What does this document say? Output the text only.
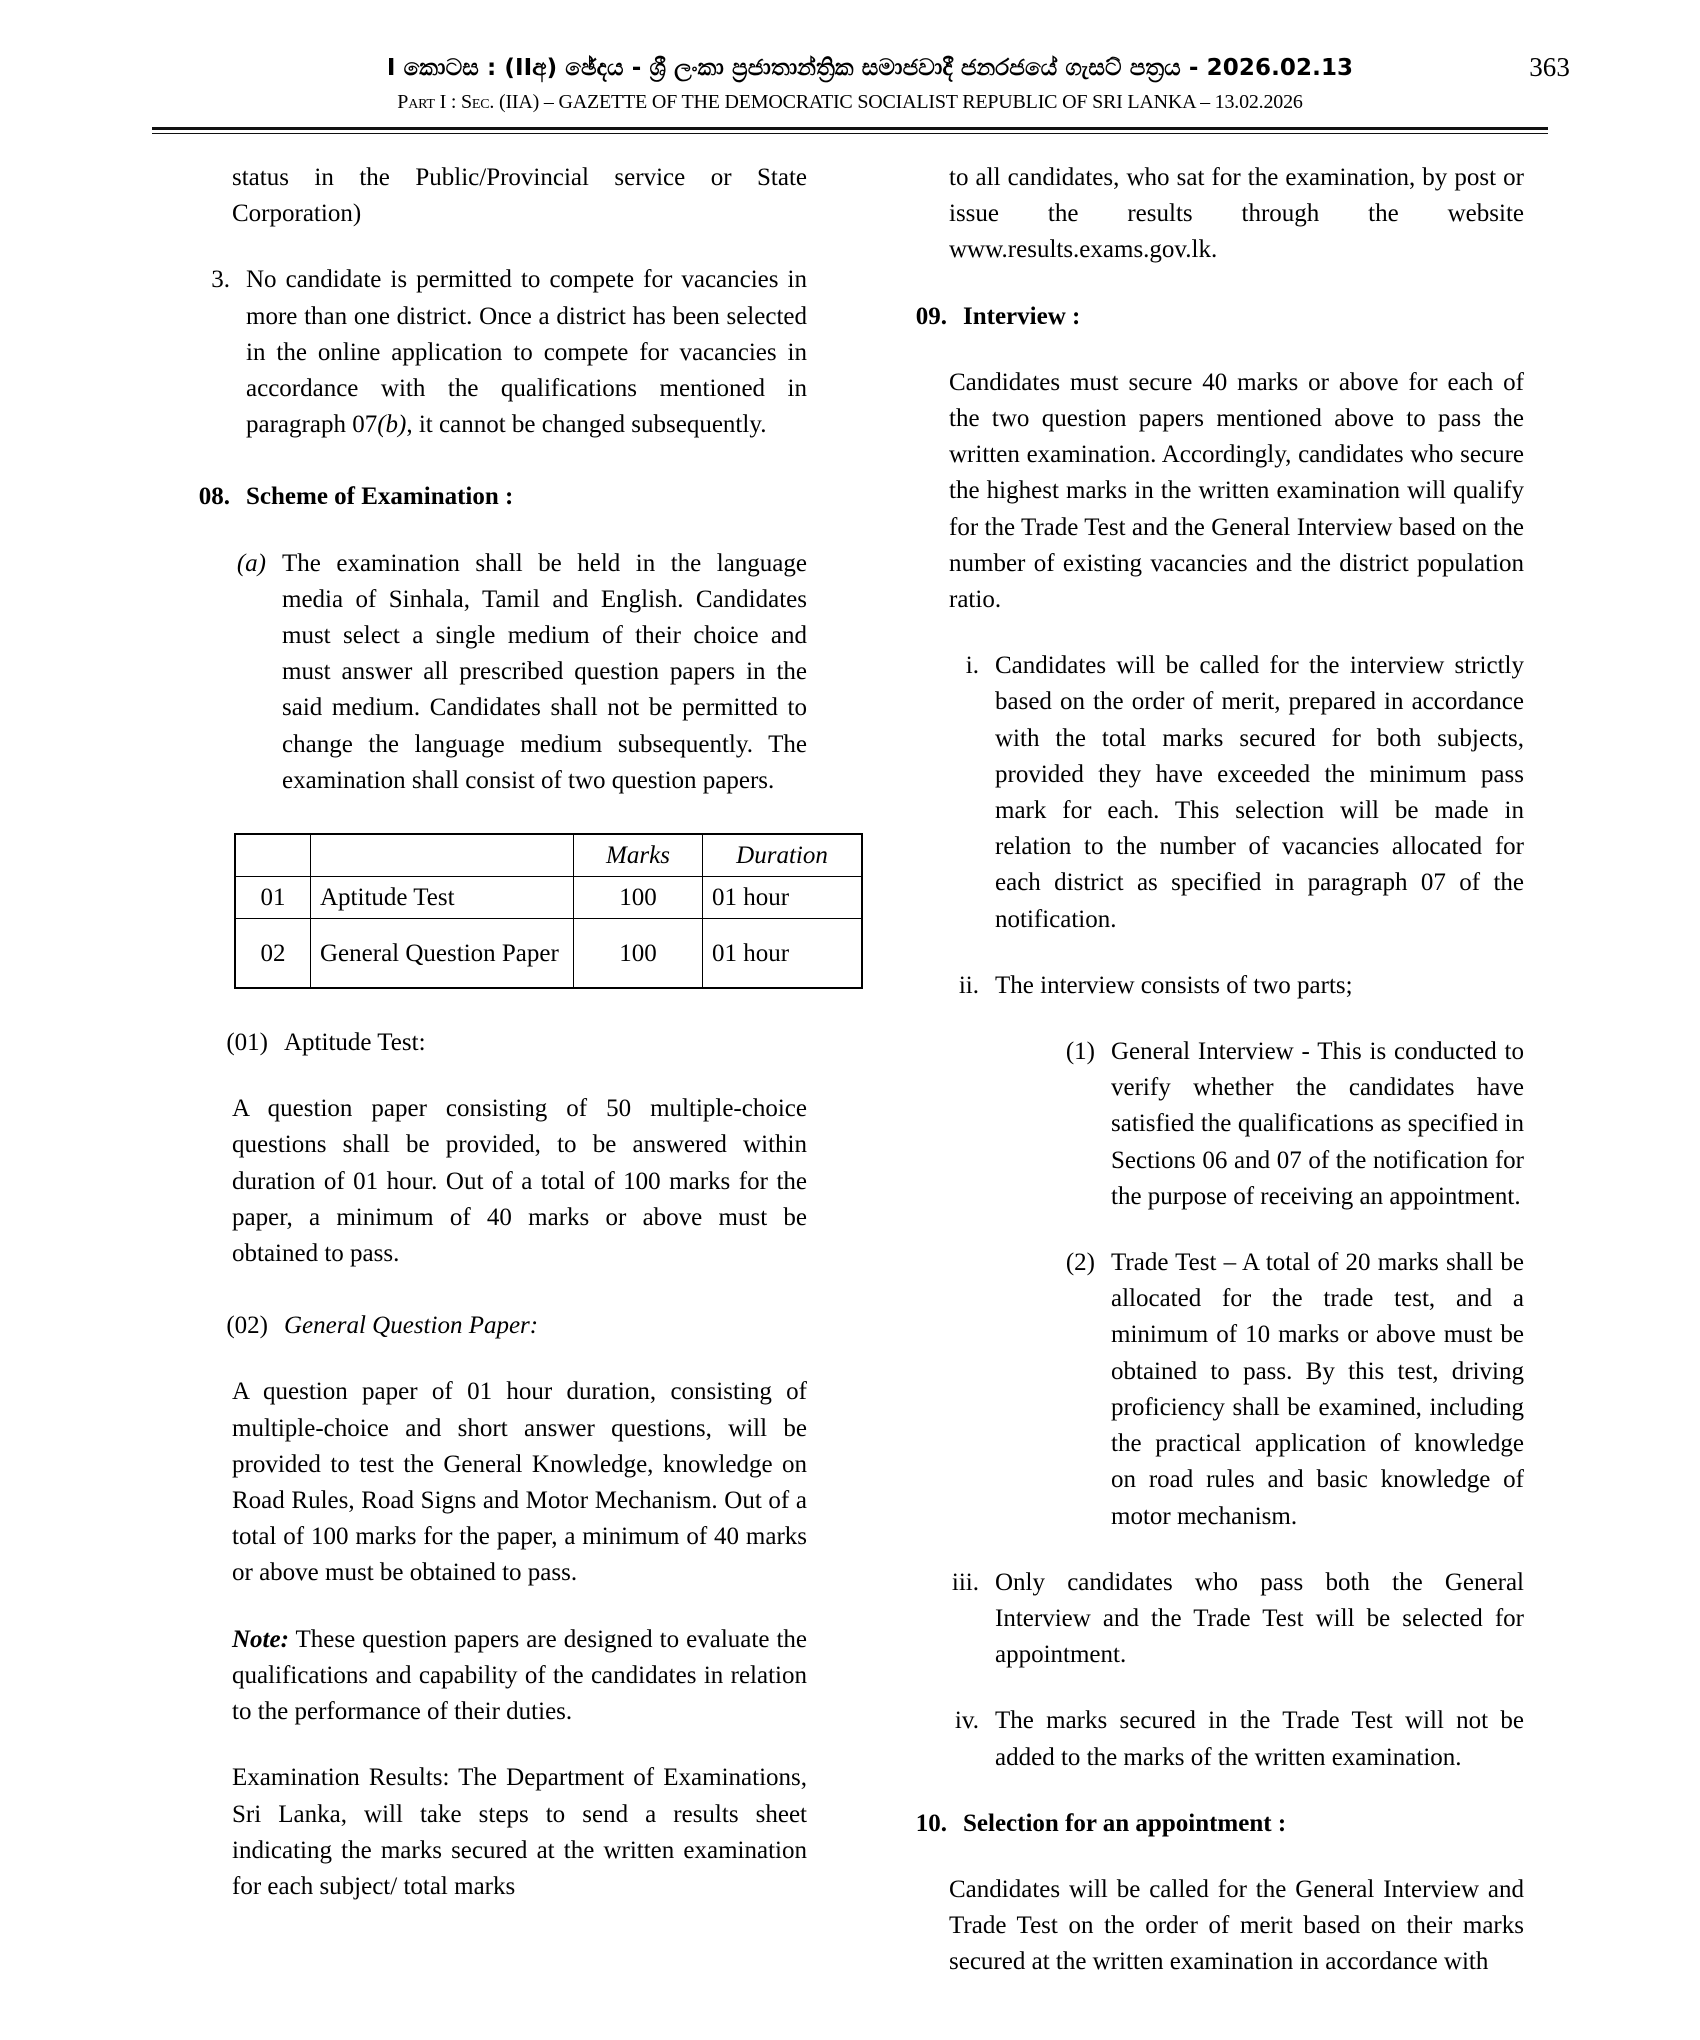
I කොටස : (IIඅ) ඡේදය - ශ්‍රී ලංකා ප්‍රජාතාන්ත්‍රික සමාජවාදී ජනරජයේ ගැසට් පත්‍රය - 2026.02.13	363
Part I : Sec. (IIA) – GAZETTE OF THE DEMOCRATIC SOCIALIST REPUBLIC OF SRI LANKA – 13.02.2026

status in the Public/Provincial service or State Corporation)

3. No candidate is permitted to compete for vacancies in more than one district. Once a district has been selected in the online application to compete for vacancies in accordance with the qualifications mentioned in paragraph 07(b), it cannot be changed subsequently.
08. Scheme of Examination :
(a) The examination shall be held in the language media of Sinhala, Tamil and English. Candidates must select a single medium of their choice and must answer all prescribed question papers in the said medium. Candidates shall not be permitted to change the language medium subsequently. The examination shall consist of two question papers.
		Marks	Duration
01	Aptitude Test	100	01 hour
02	General Question Paper	100	01 hour
(01) Aptitude Test:

A question paper consisting of 50 multiple-choice questions shall be provided, to be answered within duration of 01 hour. Out of a total of 100 marks for the paper, a minimum of 40 marks or above must be obtained to pass.

(02) General Question Paper:

A question paper of 01 hour duration, consisting of multiple-choice and short answer questions, will be provided to test the General Knowledge, knowledge on Road Rules, Road Signs and Motor Mechanism. Out of a total of 100 marks for the paper, a minimum of 40 marks or above must be obtained to pass.

Note: These question papers are designed to evaluate the qualifications and capability of the candidates in relation to the performance of their duties.

Examination Results: The Department of Examinations, Sri Lanka, will take steps to send a results sheet indicating the marks secured at the written examination for each subject/ total marks

to all candidates, who sat for the examination, by post or issue the results through the website www.results.exams.gov.lk.

09. Interview :

Candidates must secure 40 marks or above for each of the two question papers mentioned above to pass the written examination. Accordingly, candidates who secure the highest marks in the written examination will qualify for the Trade Test and the General Interview based on the number of existing vacancies and the district population ratio.

i. Candidates will be called for the interview strictly based on the order of merit, prepared in accordance with the total marks secured for both subjects, provided they have exceeded the minimum pass mark for each. This selection will be made in relation to the number of vacancies allocated for each district as specified in paragraph 07 of the notification.
ii. The interview consists of two parts;
(1) General Interview - This is conducted to verify whether the candidates have satisfied the qualifications as specified in Sections 06 and 07 of the notification for the purpose of receiving an appointment.
(2) Trade Test – A total of 20 marks shall be allocated for the trade test, and a minimum of 10 marks or above must be obtained to pass. By this test, driving proficiency shall be examined, including the practical application of knowledge on road rules and basic knowledge of motor mechanism.
iii. Only candidates who pass both the General Interview and the Trade Test will be selected for appointment.
iv. The marks secured in the Trade Test will not be added to the marks of the written examination.
10. Selection for an appointment :

Candidates will be called for the General Interview and Trade Test on the order of merit based on their marks secured at the written examination in accordance with
